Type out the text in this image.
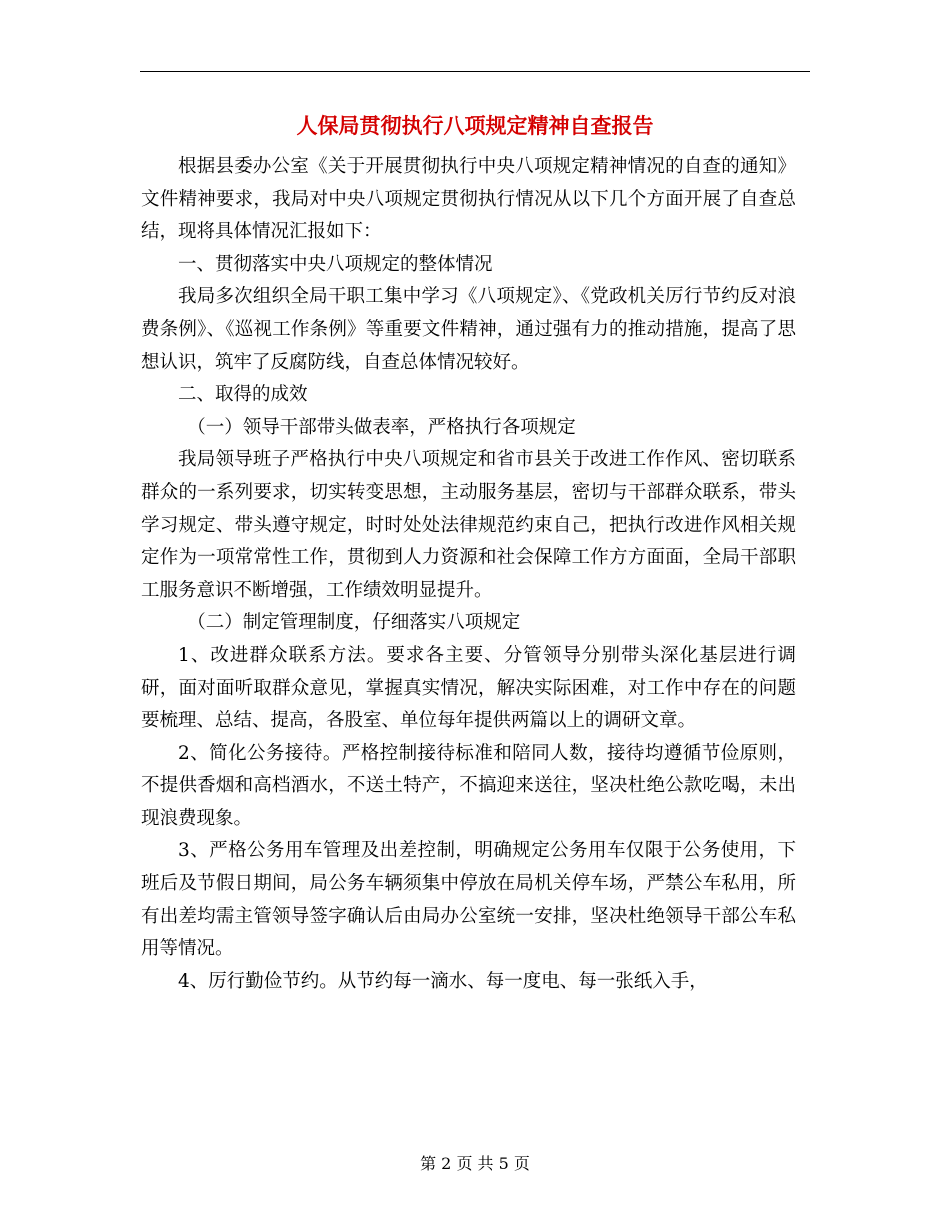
人保局贯彻执行八项规定精神自查报告

根据县委办公室《关于开展贯彻执行中央八项规定精神情况的自查的通知》文件精神要求，我局对中央八项规定贯彻执行情况从以下几个方面开展了自查总结，现将具体情况汇报如下：

一、贯彻落实中央八项规定的整体情况

我局多次组织全局干职工集中学习《八项规定》、《党政机关厉行节约反对浪费条例》、《巡视工作条例》等重要文件精神，通过强有力的推动措施，提高了思想认识，筑牢了反腐防线，自查总体情况较好。

二、取得的成效

（一）领导干部带头做表率，严格执行各项规定

我局领导班子严格执行中央八项规定和省市县关于改进工作作风、密切联系群众的一系列要求，切实转变思想，主动服务基层，密切与干部群众联系，带头学习规定、带头遵守规定，时时处处法律规范约束自己，把执行改进作风相关规定作为一项常常性工作，贯彻到人力资源和社会保障工作方方面面，全局干部职工服务意识不断增强，工作绩效明显提升。

（二）制定管理制度，仔细落实八项规定

1、改进群众联系方法。要求各主要、分管领导分别带头深化基层进行调研，面对面听取群众意见，掌握真实情况，解决实际困难，对工作中存在的问题要梳理、总结、提高，各股室、单位每年提供两篇以上的调研文章。

2、简化公务接待。严格控制接待标准和陪同人数，接待均遵循节俭原则，不提供香烟和高档酒水，不送土特产，不搞迎来送往，坚决杜绝公款吃喝，未出现浪费现象。

3、严格公务用车管理及出差控制，明确规定公务用车仅限于公务使用，下班后及节假日期间，局公务车辆须集中停放在局机关停车场，严禁公车私用，所有出差均需主管领导签字确认后由局办公室统一安排，坚决杜绝领导干部公车私用等情况。

4、厉行勤俭节约。从节约每一滴水、每一度电、每一张纸入手，

第 2 页 共 5 页
